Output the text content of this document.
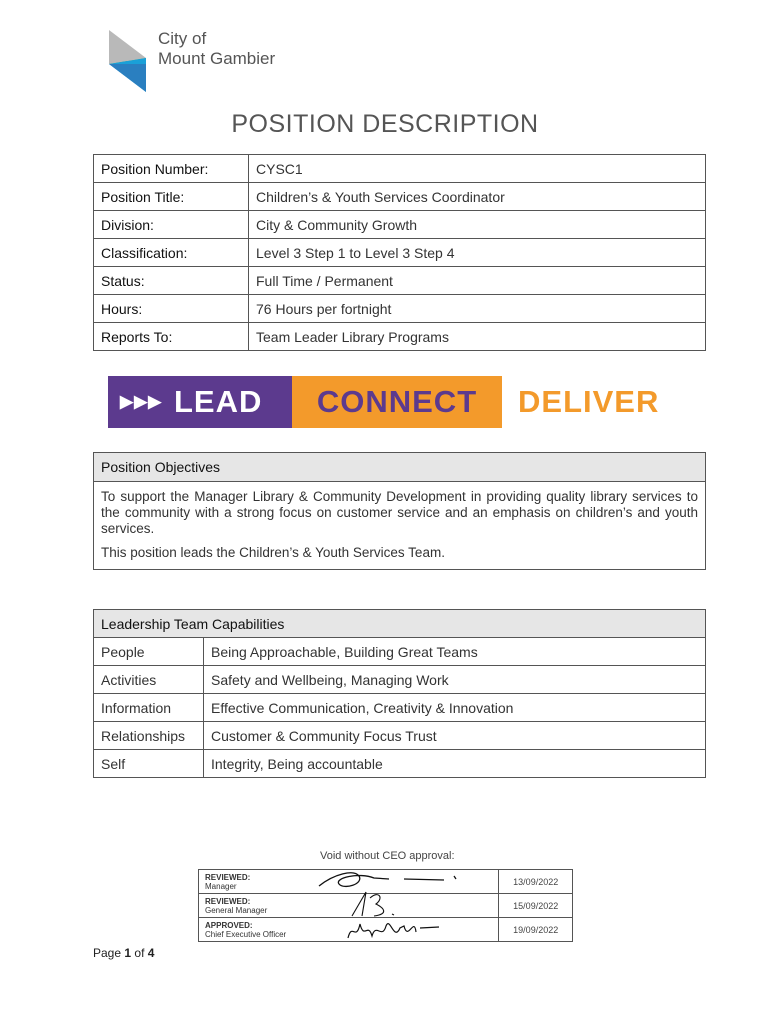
City of
Mount Gambier
POSITION DESCRIPTION
Position Number:	CYSC1
Position Title:	Children’s & Youth Services Coordinator
Division:	City & Community Growth
Classification:	Level 3 Step 1 to Level 3 Step 4
Status:	Full Time / Permanent
Hours:	76 Hours per fortnight
Reports To:	Team Leader Library Programs
▶▶▶ LEAD	CONNECT	DELIVER
Position Objectives

To support the Manager Library & Community Development in providing quality library services to the community with a strong focus on customer service and an emphasis on children’s and youth services.

This position leads the Children’s & Youth Services Team.

Leadership Team Capabilities	
People	Being Approachable, Building Great Teams
Activities	Safety and Wellbeing, Managing Work
Information	Effective Communication, Creativity & Innovation
Relationships	Customer & Community Focus Trust
Self	Integrity, Being accountable
Void without CEO approval:
REVIEWED:
Manager	13/09/2022

REVIEWED:
General Manager	15/09/2022

APPROVED:
Chief Executive Officer	19/09/2022
Page 1 of 4
